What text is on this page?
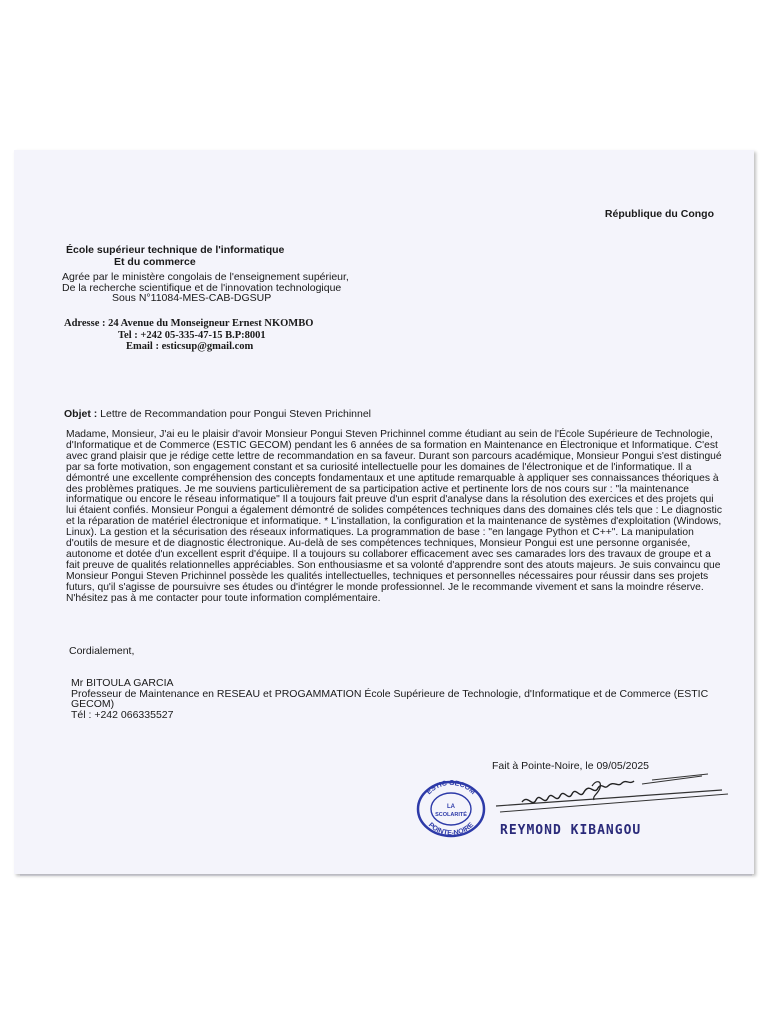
République du Congo
École supérieur technique de l'informatique
Et du commerce
Agrée par le ministère congolais de l'enseignement supérieur,
De la recherche scientifique et de l'innovation technologique
Sous N°11084-MES-CAB-DGSUP
Adresse : 24 Avenue du Monseigneur Ernest NKOMBO
Tel : +242 05-335-47-15 B.P:8001
Email : esticsup@gmail.com
Objet : Lettre de Recommandation pour Pongui Steven Prichinnel
Madame, Monsieur, J'ai eu le plaisir d'avoir Monsieur Pongui Steven Prichinnel comme étudiant au sein de l'École Supérieure de Technologie, d'Informatique et de Commerce (ESTIC GECOM) pendant les 6 années de sa formation en Maintenance en Électronique et Informatique. C'est avec grand plaisir que je rédige cette lettre de recommandation en sa faveur. Durant son parcours académique, Monsieur Pongui s'est distingué par sa forte motivation, son engagement constant et sa curiosité intellectuelle pour les domaines de l'électronique et de l'informatique. Il a démontré une excellente compréhension des concepts fondamentaux et une aptitude remarquable à appliquer ses connaissances théoriques à des problèmes pratiques. Je me souviens particulièrement de sa participation active et pertinente lors de nos cours sur : "la maintenance informatique ou encore le réseau informatique" Il a toujours fait preuve d'un esprit d'analyse dans la résolution des exercices et des projets qui lui étaient confiés. Monsieur Pongui a également démontré de solides compétences techniques dans des domaines clés tels que : Le diagnostic et la réparation de matériel électronique et informatique. * L'installation, la configuration et la maintenance de systèmes d'exploitation (Windows, Linux). La gestion et la sécurisation des réseaux informatiques. La programmation de base : "en langage Python et C++". La manipulation d'outils de mesure et de diagnostic électronique. Au-delà de ses compétences techniques, Monsieur Pongui est une personne organisée, autonome et dotée d'un excellent esprit d'équipe. Il a toujours su collaborer efficacement avec ses camarades lors des travaux de groupe et a fait preuve de qualités relationnelles appréciables. Son enthousiasme et sa volonté d'apprendre sont des atouts majeurs. Je suis convaincu que Monsieur Pongui Steven Prichinnel possède les qualités intellectuelles, techniques et personnelles nécessaires pour réussir dans ses projets futurs, qu'il s'agisse de poursuivre ses études ou d'intégrer le monde professionnel. Je le recommande vivement et sans la moindre réserve. N'hésitez pas à me contacter pour toute information complémentaire.
Cordialement,
Mr BITOULA GARCIA
Professeur de Maintenance en RESEAU et PROGAMMATION École Supérieure de Technologie, d'Informatique et de Commerce (ESTIC GECOM)
Tél : +242 066335527
Fait à Pointe-Noire, le 09/05/2025
ESTIC GECOM
POINTE-NOIRE
LA
SCOLARITÉ
REYMOND KIBANGOU
